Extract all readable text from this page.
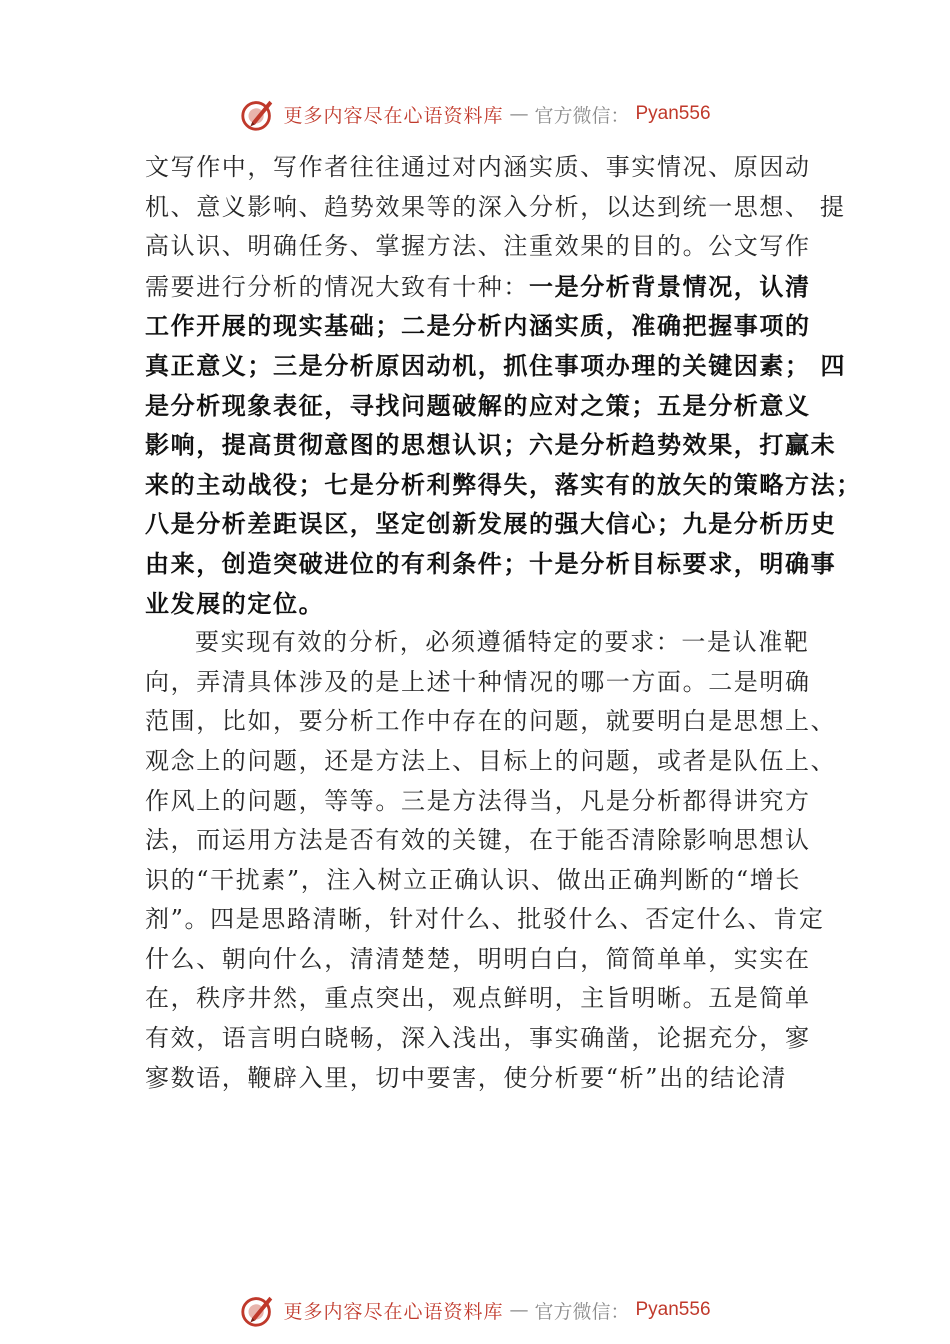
更多内容尽在心语资料库 — 官方微信： Pyan556
文写作中，写作者往往通过对内涵实质、事实情况、原因动
机、意义影响、趋势效果等的深入分析，以达到统一思想、 提
高认识、明确任务、掌握方法、注重效果的目的。公文写作
需要进行分析的情况大致有十种：一是分析背景情况，认清
工作开展的现实基础；二是分析内涵实质，准确把握事项的
真正意义；三是分析原因动机，抓住事项办理的关键因素； 四
是分析现象表征，寻找问题破解的应对之策；五是分析意义
影响，提高贯彻意图的思想认识；六是分析趋势效果，打赢未
来的主动战役；七是分析利弊得失，落实有的放矢的策略方法；
八是分析差距误区，坚定创新发展的强大信心；九是分析历史
由来，创造突破进位的有利条件；十是分析目标要求，明确事
业发展的定位。
要实现有效的分析，必须遵循特定的要求：一是认准靶
向，弄清具体涉及的是上述十种情况的哪一方面。二是明确
范围，比如，要分析工作中存在的问题，就要明白是思想上、
观念上的问题，还是方法上、目标上的问题，或者是队伍上、
作风上的问题，等等。三是方法得当，凡是分析都得讲究方
法，而运用方法是否有效的关键，在于能否清除影响思想认
识的“干扰素”，注入树立正确认识、做出正确判断的“增长
剂”。四是思路清晰，针对什么、批驳什么、否定什么、肯定
什么、朝向什么，清清楚楚，明明白白，简简单单，实实在
在，秩序井然，重点突出，观点鲜明，主旨明晰。五是简单
有效，语言明白晓畅，深入浅出，事实确凿，论据充分，寥
寥数语，鞭辟入里，切中要害，使分析要“析”出的结论清
更多内容尽在心语资料库 — 官方微信： Pyan556
